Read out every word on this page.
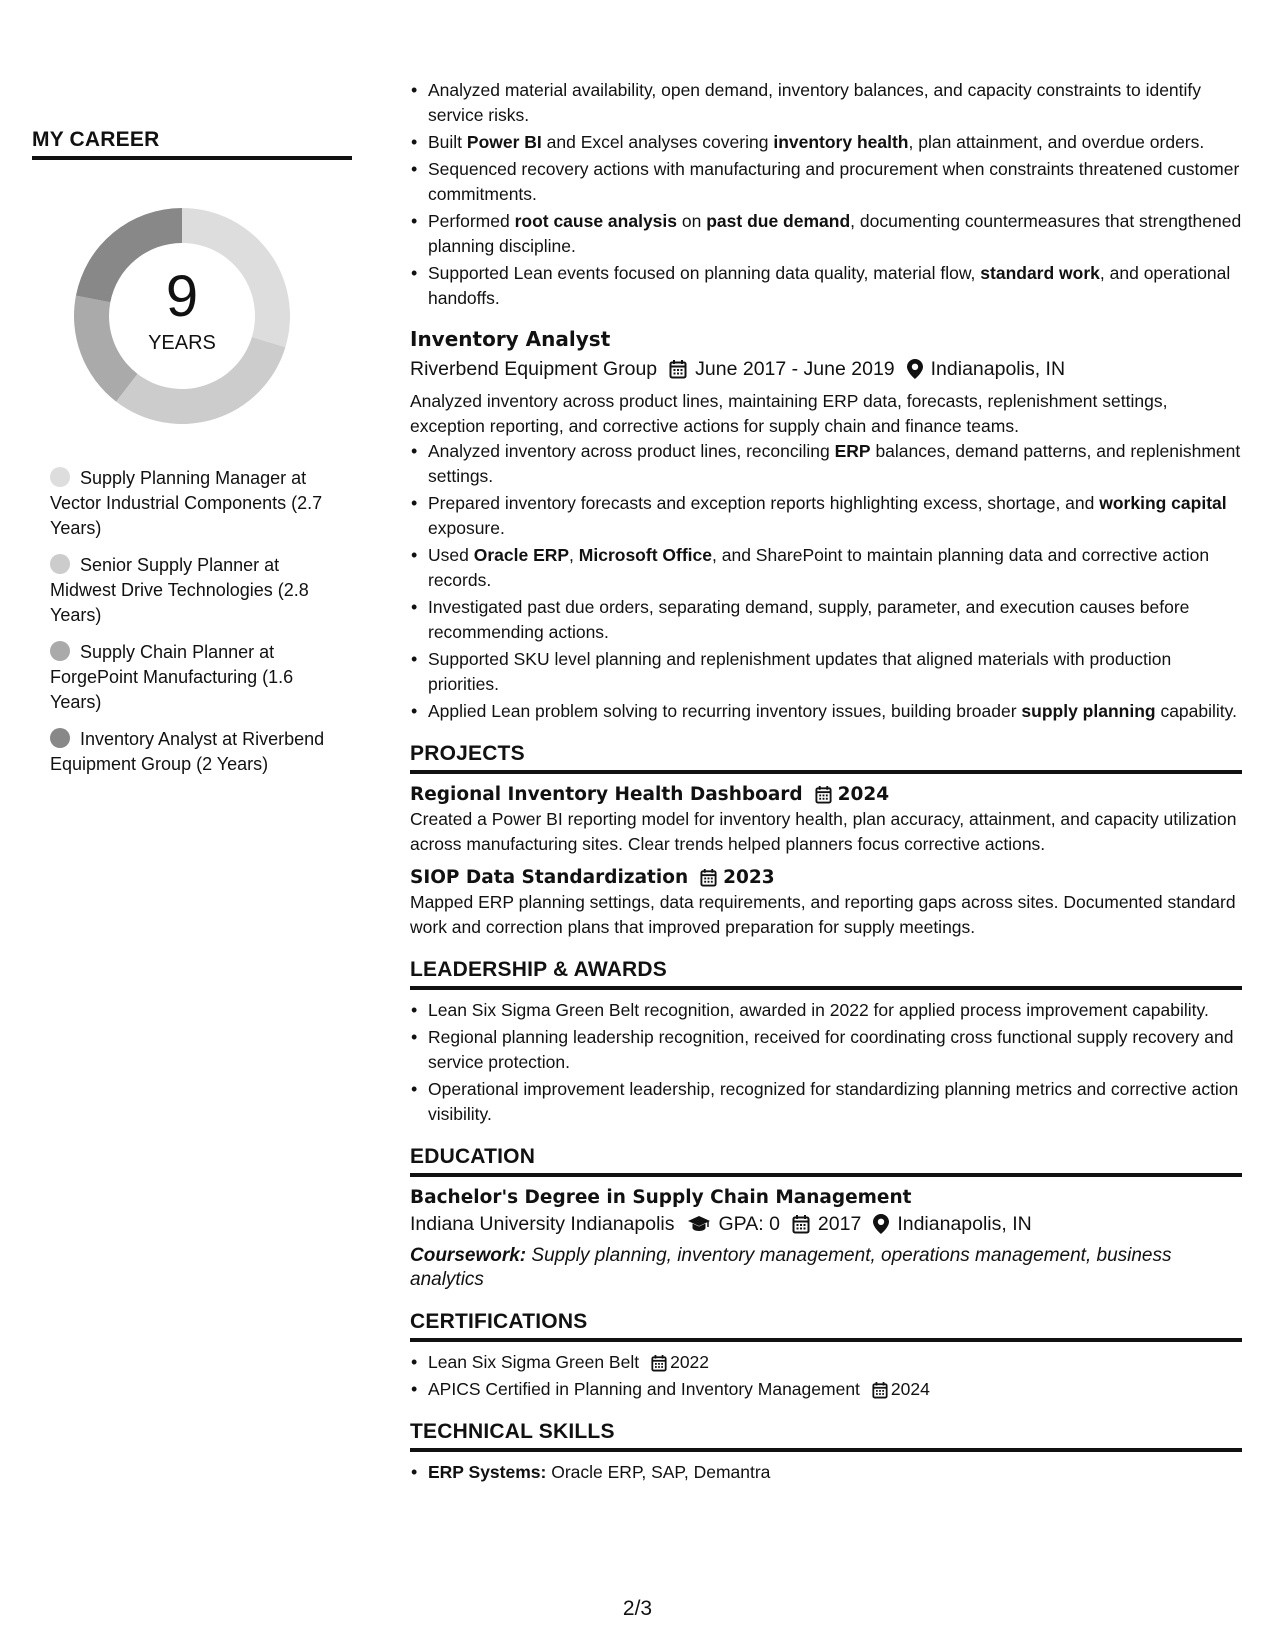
MY CAREER
9
YEARS
Supply Planning Manager at Vector Industrial Components (2.7 Years)
Senior Supply Planner at Midwest Drive Technologies (2.8 Years)
Supply Chain Planner at ForgePoint Manufacturing (1.6 Years)
Inventory Analyst at Riverbend Equipment Group (2 Years)
• Analyzed material availability, open demand, inventory balances, and capacity constraints to identify service risks.
• Built Power BI and Excel analyses covering inventory health, plan attainment, and overdue orders.
• Sequenced recovery actions with manufacturing and procurement when constraints threatened customer commitments.
• Performed root cause analysis on past due demand, documenting countermeasures that strengthened planning discipline.
• Supported Lean events focused on planning data quality, material flow, standard work, and operational handoffs.
Inventory Analyst
Riverbend Equipment Group June 2017 - June 2019 Indianapolis, IN

Analyzed inventory across product lines, maintaining ERP data, forecasts, replenishment settings, exception reporting, and corrective actions for supply chain and finance teams.

• Analyzed inventory across product lines, reconciling ERP balances, demand patterns, and replenishment settings.
• Prepared inventory forecasts and exception reports highlighting excess, shortage, and working capital exposure.
• Used Oracle ERP, Microsoft Office, and SharePoint to maintain planning data and corrective action records.
• Investigated past due orders, separating demand, supply, parameter, and execution causes before recommending actions.
• Supported SKU level planning and replenishment updates that aligned materials with production priorities.
• Applied Lean problem solving to recurring inventory issues, building broader supply planning capability.
PROJECTS
Regional Inventory Health Dashboard 2024

Created a Power BI reporting model for inventory health, plan accuracy, attainment, and capacity utilization across manufacturing sites. Clear trends helped planners focus corrective actions.

SIOP Data Standardization 2023

Mapped ERP planning settings, data requirements, and reporting gaps across sites. Documented standard work and correction plans that improved preparation for supply meetings.

LEADERSHIP & AWARDS
• Lean Six Sigma Green Belt recognition, awarded in 2022 for applied process improvement capability.
• Regional planning leadership recognition, received for coordinating cross functional supply recovery and service protection.
• Operational improvement leadership, recognized for standardizing planning metrics and corrective action visibility.
EDUCATION
Bachelor's Degree in Supply Chain Management
Indiana University Indianapolis GPA: 0 2017 Indianapolis, IN

Coursework: Supply planning, inventory management, operations management, business analytics

CERTIFICATIONS
• Lean Six Sigma Green Belt 2022
• APICS Certified in Planning and Inventory Management 2024
TECHNICAL SKILLS
• ERP Systems: Oracle ERP, SAP, Demantra
2/3
